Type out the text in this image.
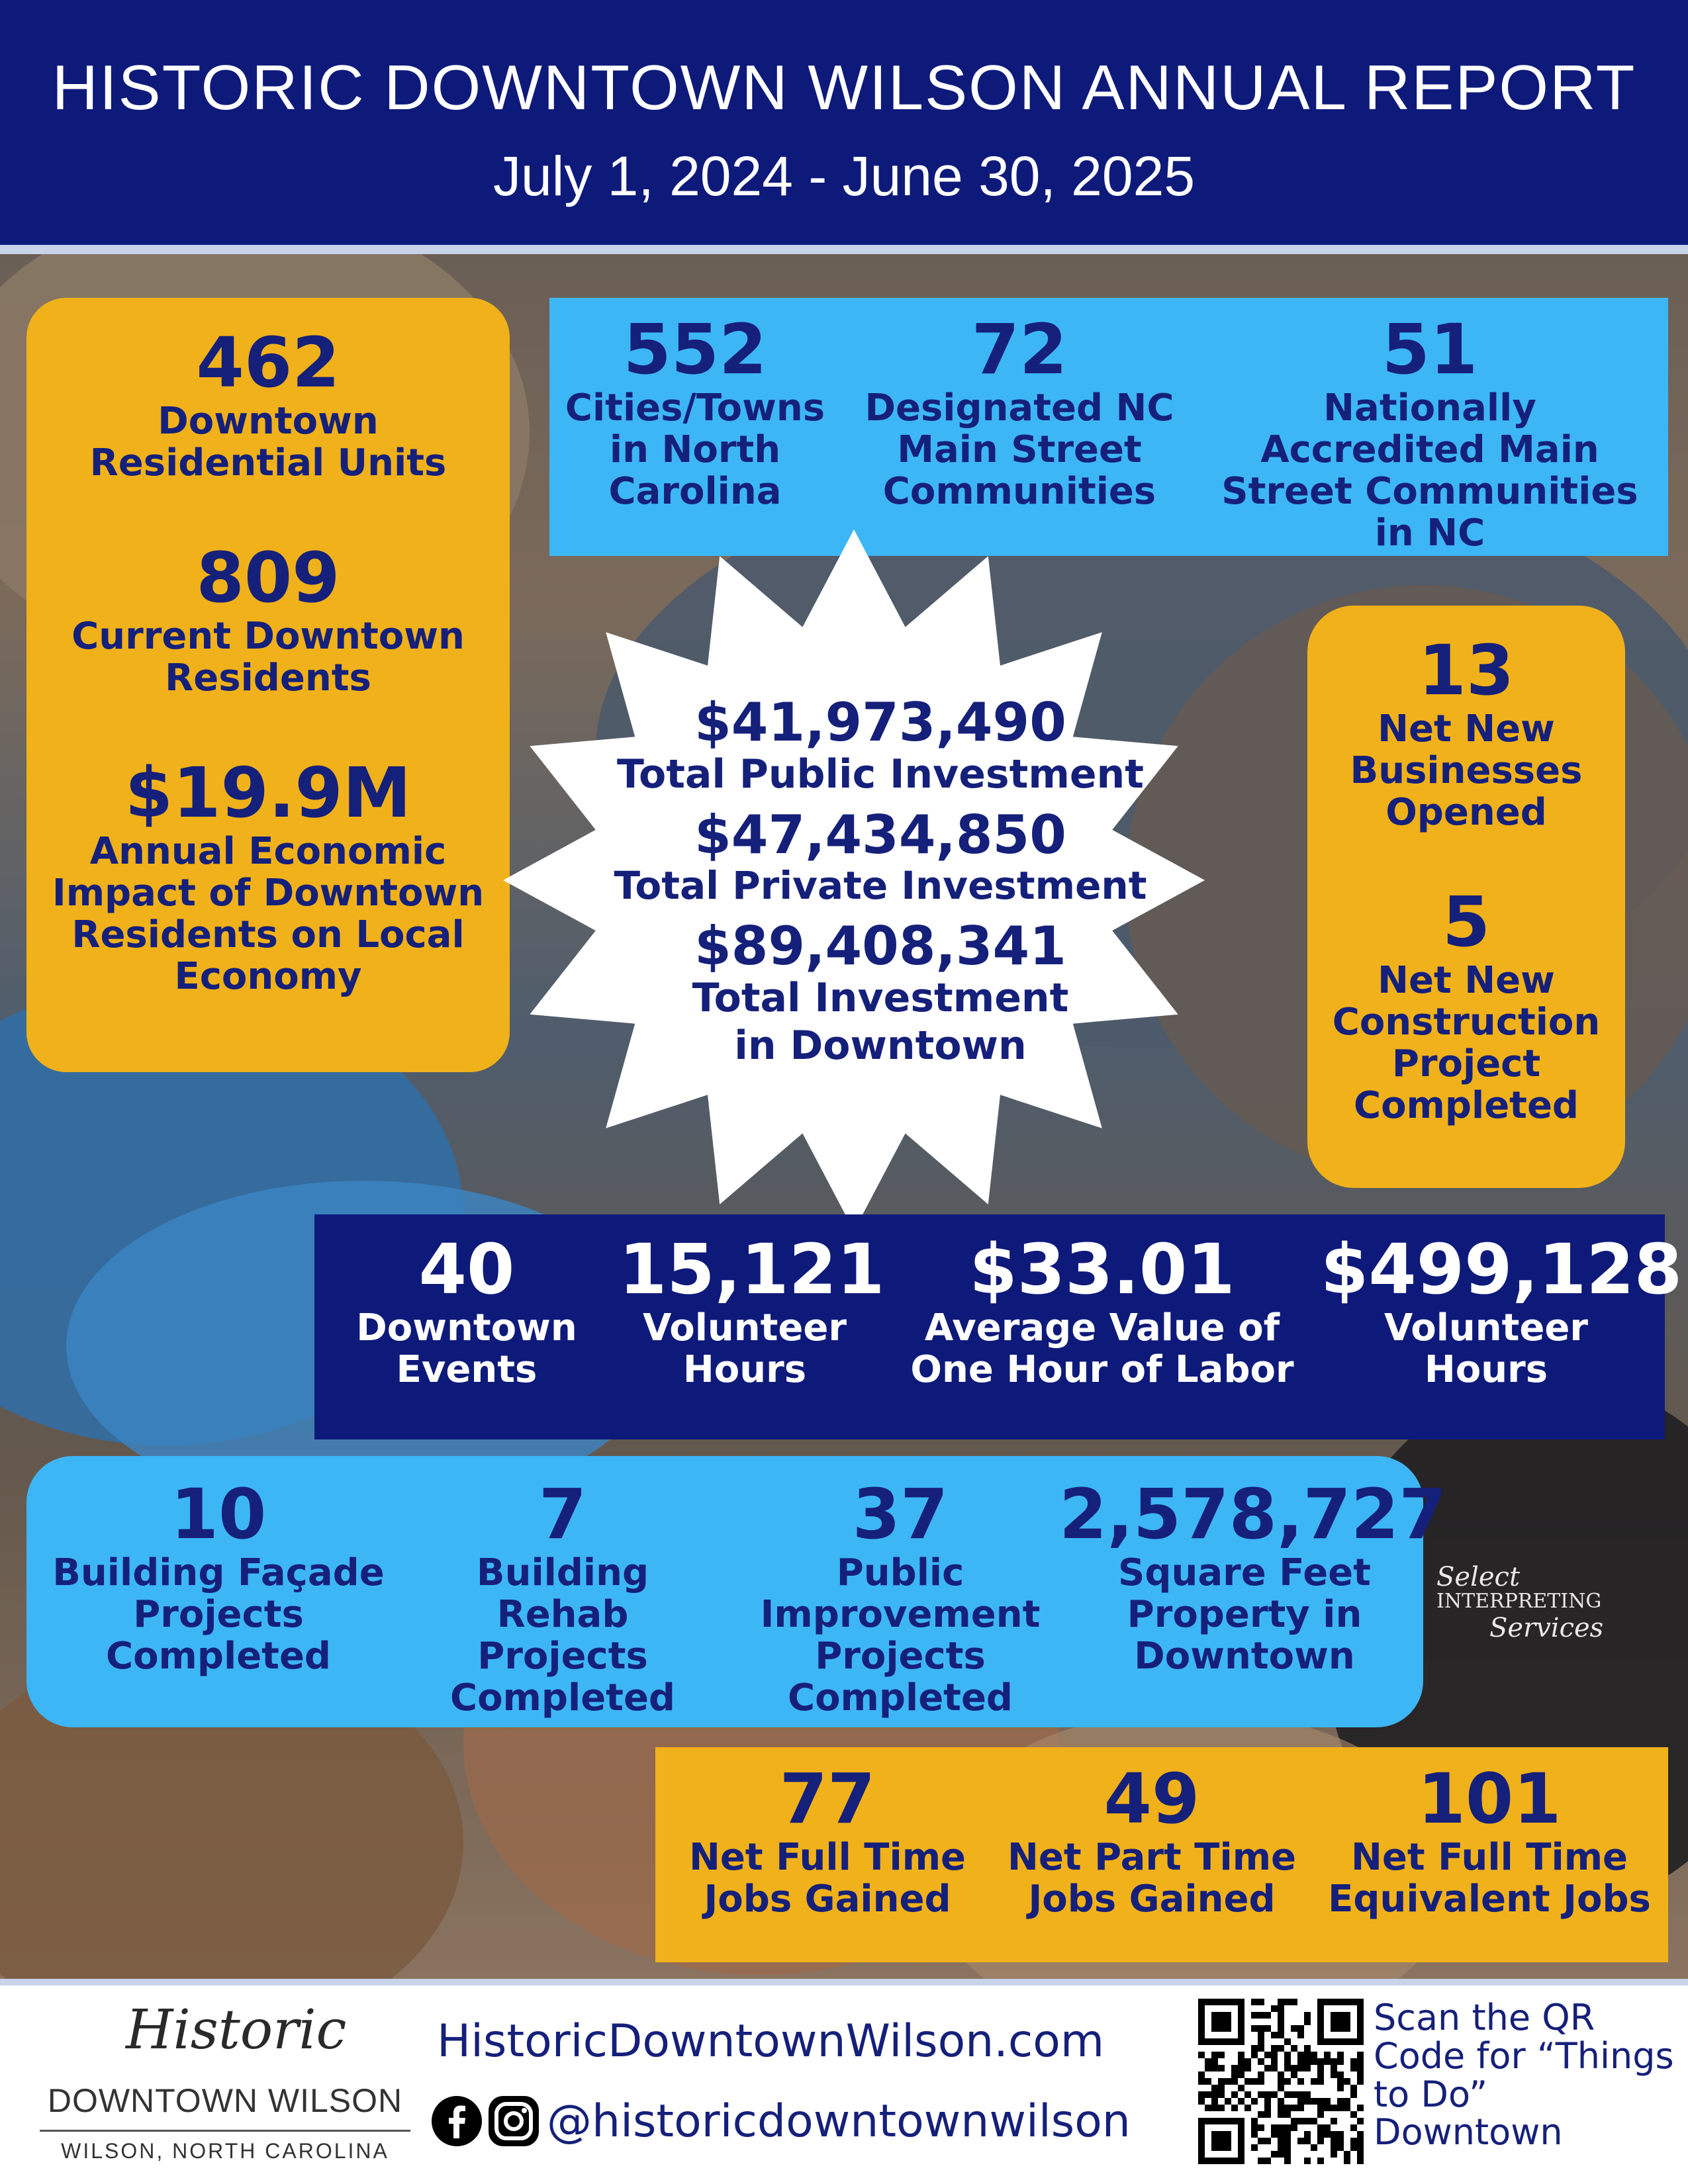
HISTORIC DOWNTOWN WILSON ANNUAL REPORT
July 1, 2024 - June 30, 2025
Select
INTERPRETING
Services
462
Downtown Residential Units
809
Current Downtown Residents
$19.9M
Annual Economic Impact of Downtown Residents on Local Economy
552
Cities/Towns in North Carolina
72
Designated NC Main Street Communities
51
Nationally Accredited Main Street Communities in NC
13
Net New Businesses Opened
5
Net New Construction Project Completed
$41,973,490
Total Public Investment
$47,434,850
Total Private Investment
$89,408,341
Total Investment in Downtown
40
Downtown Events
15,121
Volunteer Hours
$33.01
Average Value of One Hour of Labor
$499,128
Volunteer Hours
10
Building Façade Projects Completed
7
Building Rehab Projects Completed
37
Public Improvement Projects Completed
2,578,727
Square Feet Property in Downtown
77
Net Full Time Jobs Gained
49
Net Part Time Jobs Gained
101
Net Full Time Equivalent Jobs
Historic
DOWNTOWN WILSON
WILSON, NORTH CAROLINA
HistoricDowntownWilson.com
@historicdowntownwilson
Scan the QR Code for “Things to Do” Downtown
